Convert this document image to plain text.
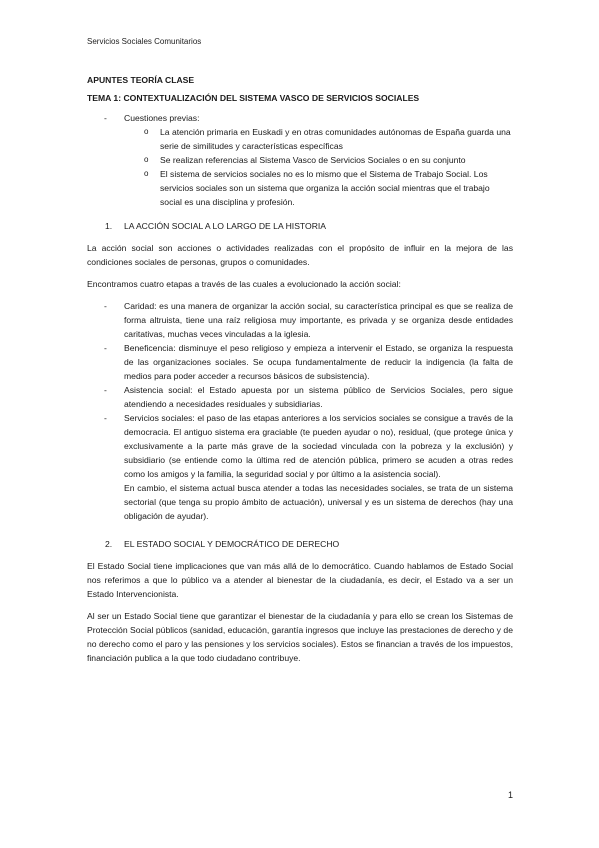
Servicios Sociales Comunitarios
APUNTES TEORÍA CLASE
TEMA 1: CONTEXTUALIZACIÓN DEL SISTEMA VASCO DE SERVICIOS SOCIALES
- Cuestiones previas:
o La atención primaria en Euskadi y en otras comunidades autónomas de España guarda una serie de similitudes y características específicas
o Se realizan referencias al Sistema Vasco de Servicios Sociales o en su conjunto
o El sistema de servicios sociales no es lo mismo que el Sistema de Trabajo Social. Los servicios sociales son un sistema que organiza la acción social mientras que el trabajo social es una disciplina y profesión.
1. LA ACCIÓN SOCIAL A LO LARGO DE LA HISTORIA

La acción social son acciones o actividades realizadas con el propósito de influir en la mejora de las condiciones sociales de personas, grupos o comunidades.

Encontramos cuatro etapas a través de las cuales a evolucionado la acción social:

- Caridad: es una manera de organizar la acción social, su característica principal es que se realiza de forma altruista, tiene una raíz religiosa muy importante, es privada y se organiza desde entidades caritativas, muchas veces vinculadas a la iglesia.
- Beneficencia: disminuye el peso religioso y empieza a intervenir el Estado, se organiza la respuesta de las organizaciones sociales. Se ocupa fundamentalmente de reducir la indigencia (la falta de medios para poder acceder a recursos básicos de subsistencia).
- Asistencia social: el Estado apuesta por un sistema público de Servicios Sociales, pero sigue atendiendo a necesidades residuales y subsidiarias.
- Servicios sociales: el paso de las etapas anteriores a los servicios sociales se consigue a través de la democracia. El antiguo sistema era graciable (te pueden ayudar o no), residual, (que protege única y exclusivamente a la parte más grave de la sociedad vinculada con la pobreza y la exclusión) y subsidiario (se entiende como la última red de atención pública, primero se acuden a otras redes como los amigos y la familia, la seguridad social y por último a la asistencia social).
En cambio, el sistema actual busca atender a todas las necesidades sociales, se trata de un sistema sectorial (que tenga su propio ámbito de actuación), universal y es un sistema de derechos (hay una obligación de ayudar).
2. EL ESTADO SOCIAL Y DEMOCRÁTICO DE DERECHO

El Estado Social tiene implicaciones que van más allá de lo democrático. Cuando hablamos de Estado Social nos referimos a que lo público va a atender al bienestar de la ciudadanía, es decir, el Estado va a ser un Estado Intervencionista.

Al ser un Estado Social tiene que garantizar el bienestar de la ciudadanía y para ello se crean los Sistemas de Protección Social públicos (sanidad, educación, garantía ingresos que incluye las prestaciones de derecho y de no derecho como el paro y las pensiones y los servicios sociales). Estos se financian a través de los impuestos, financiación publica a la que todo ciudadano contribuye.

1
